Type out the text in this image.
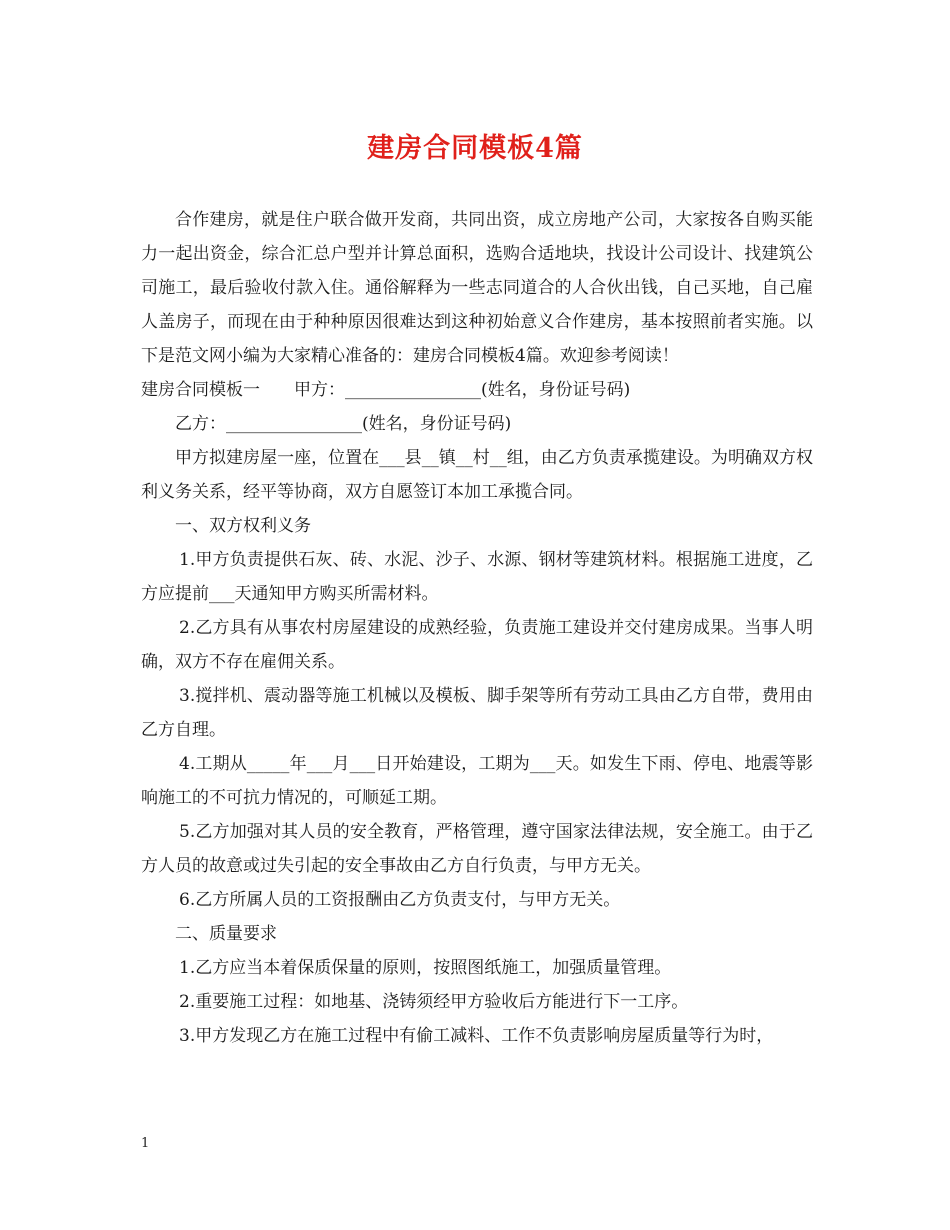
建房合同模板4篇

合作建房，就是住户联合做开发商，共同出资，成立房地产公司，大家按各自购买能力一起出资金，综合汇总户型并计算总面积，选购合适地块，找设计公司设计、找建筑公司施工，最后验收付款入住。通俗解释为一些志同道合的人合伙出钱，自己买地，自己雇人盖房子，而现在由于种种原因很难达到这种初始意义合作建房，基本按照前者实施。以下是范文网小编为大家精心准备的：建房合同模板4篇。欢迎参考阅读！

建房合同模板一　　甲方：________________(姓名，身份证号码)

乙方：________________(姓名，身份证号码)

甲方拟建房屋一座，位置在___县__镇__村__组，由乙方负责承揽建设。为明确双方权利义务关系，经平等协商，双方自愿签订本加工承揽合同。

一、双方权利义务

1.甲方负责提供石灰、砖、水泥、沙子、水源、钢材等建筑材料。根据施工进度，乙方应提前___天通知甲方购买所需材料。

2.乙方具有从事农村房屋建设的成熟经验，负责施工建设并交付建房成果。当事人明确，双方不存在雇佣关系。

3.搅拌机、震动器等施工机械以及模板、脚手架等所有劳动工具由乙方自带，费用由乙方自理。

4.工期从_____年___月___日开始建设，工期为___天。如发生下雨、停电、地震等影响施工的不可抗力情况的，可顺延工期。

5.乙方加强对其人员的安全教育，严格管理，遵守国家法律法规，安全施工。由于乙方人员的故意或过失引起的安全事故由乙方自行负责，与甲方无关。

6.乙方所属人员的工资报酬由乙方负责支付，与甲方无关。

二、质量要求

1.乙方应当本着保质保量的原则，按照图纸施工，加强质量管理。

2.重要施工过程：如地基、浇铸须经甲方验收后方能进行下一工序。

3.甲方发现乙方在施工过程中有偷工减料、工作不负责影响房屋质量等行为时，

1
